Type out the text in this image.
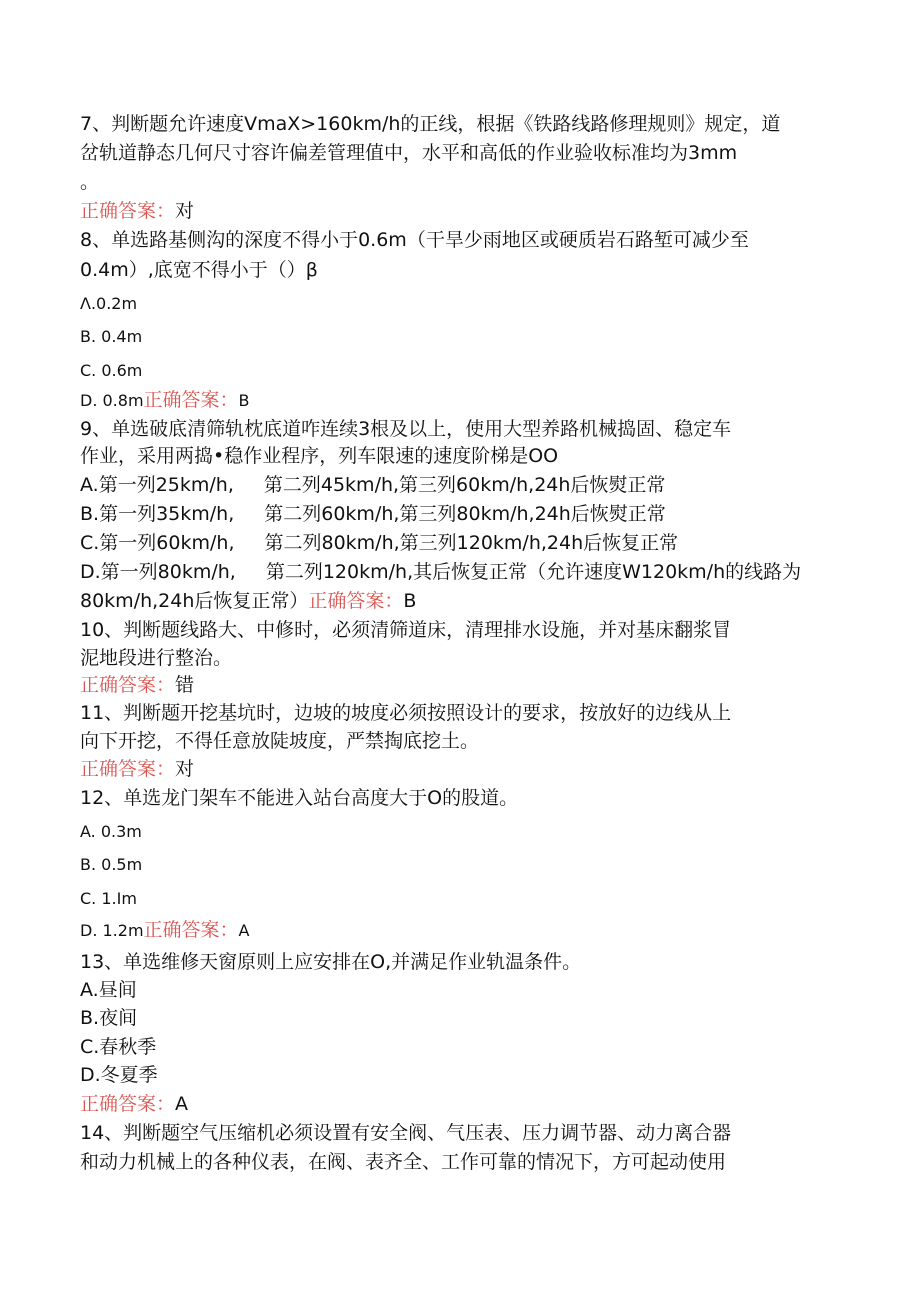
7、判断题允许速度VmaX>160km∕h的正线，根据《铁路线路修理规则》规定，道
岔轨道静态几何尺寸容许偏差管理值中，水平和高低的作业验收标准均为3mm
。
正确答案：对
8、单选路基侧沟的深度不得小于0.6m（干旱少雨地区或硬质岩石路堑可减少至
0.4m）,底宽不得小于（）β
Λ.0.2m
B. 0.4m
C. 0.6m
D. 0.8m正确答案：B
9、单选破底清筛轨枕底道咋连续3根及以上，使用大型养路机械捣固、稳定车
作业，采用两捣•稳作业程序，列车限速的速度阶梯是OO
A.第一列25km∕h, 第二列45km∕h,第三列60km∕h,24h后恢熨正常
B.第一列35km∕h, 第二列60km∕h,第三列80km∕h,24h后恢熨正常
C.第一列60km∕h, 第二列80km∕h,第三列120km∕h,24h后恢复正常
D.第一列80km∕h, 第二列120km∕h,其后恢复正常（允许速度W120km∕h的线路为
80km∕h,24h后恢复正常）正确答案：B
10、判断题线路大、中修时，必须清筛道床，清理排水设施，并对基床翻浆冒
泥地段进行整治。
正确答案：错
11、判断题开挖基坑时，边坡的坡度必须按照设计的要求，按放好的边线从上
向下开挖，不得任意放陡坡度，严禁掏底挖土。
正确答案：对
12、单选龙门架车不能进入站台高度大于O的股道。
A. 0.3m
B. 0.5m
C. 1.Im
D. 1.2m正确答案：A
13、单选维修天窗原则上应安排在O,并满足作业轨温条件。
A.昼间
B.夜间
C.春秋季
D.冬夏季
正确答案：A
14、判断题空气压缩机必须设置有安全阀、气压表、压力调节器、动力离合器
和动力机械上的各种仪表，在阀、表齐全、工作可靠的情况下，方可起动使用
